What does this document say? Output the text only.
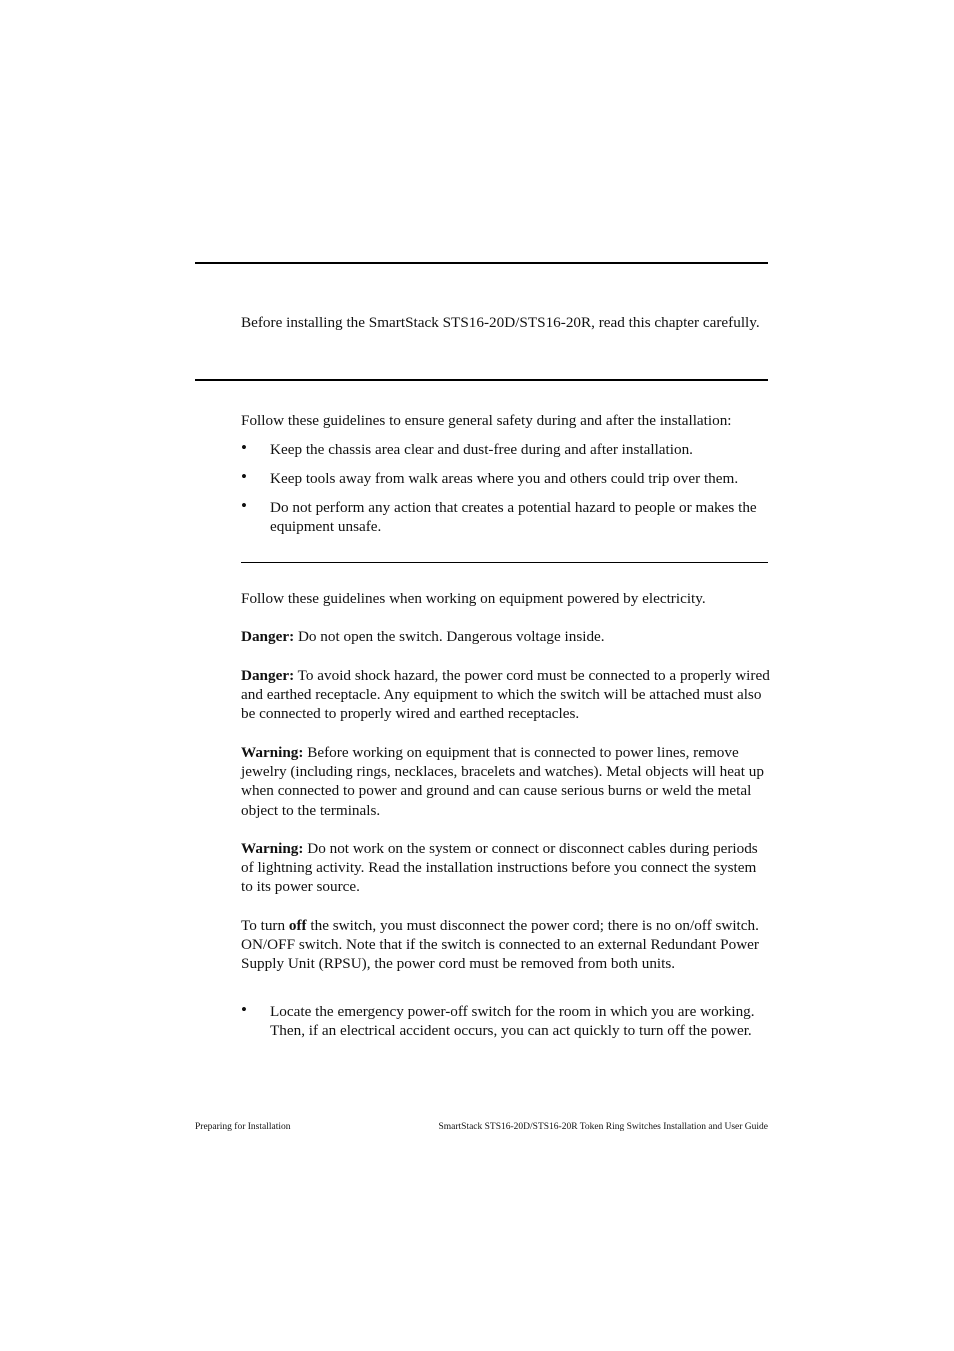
Before installing the SmartStack STS16-20D/STS16-20R, read this chapter carefully.

Follow these guidelines to ensure general safety during and after the installation:

• Keep the chassis area clear and dust-free during and after installation.
• Keep tools away from walk areas where you and others could trip over them.
• Do not perform any action that creates a potential hazard to people or makes the equipment unsafe.

Follow these guidelines when working on equipment powered by electricity.

Danger: Do not open the switch. Dangerous voltage inside.

Danger: To avoid shock hazard, the power cord must be connected to a properly wired and earthed receptacle. Any equipment to which the switch will be attached must also be connected to properly wired and earthed receptacles.

Warning: Before working on equipment that is connected to power lines, remove jewelry (including rings, necklaces, bracelets and watches). Metal objects will heat up when connected to power and ground and can cause serious burns or weld the metal object to the terminals.

Warning: Do not work on the system or connect or disconnect cables during periods of lightning activity. Read the installation instructions before you connect the system to its power source.

To turn off the switch, you must disconnect the power cord; there is no on/off switch. ON/OFF switch. Note that if the switch is connected to an external Redundant Power Supply Unit (RPSU), the power cord must be removed from both units.

• Locate the emergency power-off switch for the room in which you are working. Then, if an electrical accident occurs, you can act quickly to turn off the power.
Preparing for Installation	SmartStack STS16-20D/STS16-20R Token Ring Switches Installation and User Guide
